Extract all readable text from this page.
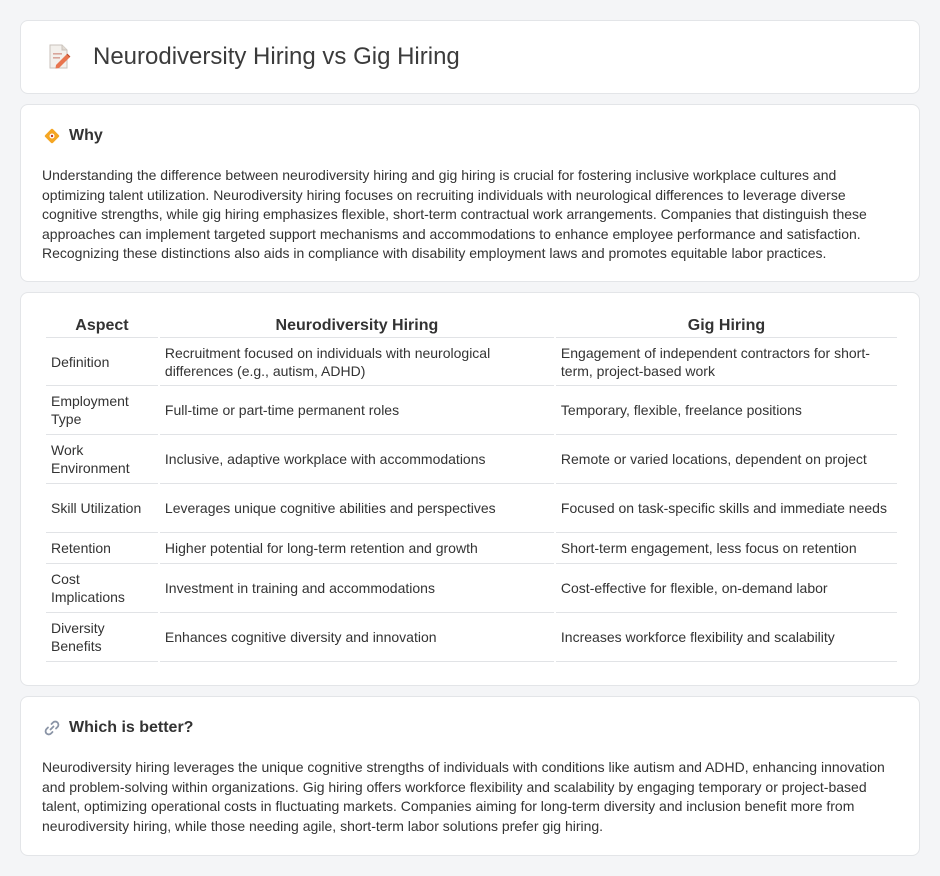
Neurodiversity Hiring vs Gig Hiring
Why

Understanding the difference between neurodiversity hiring and gig hiring is crucial for fostering inclusive workplace cultures and optimizing talent utilization. Neurodiversity hiring focuses on recruiting individuals with neurological differences to leverage diverse cognitive strengths, while gig hiring emphasizes flexible, short-term contractual work arrangements. Companies that distinguish these approaches can implement targeted support mechanisms and accommodations to enhance employee performance and satisfaction. Recognizing these distinctions also aids in compliance with disability employment laws and promotes equitable labor practices.

Aspect	Neurodiversity Hiring	Gig Hiring
Definition	Recruitment focused on individuals with neurological differences (e.g., autism, ADHD)	Engagement of independent contractors for short-term, project-based work
Employment Type	Full-time or part-time permanent roles	Temporary, flexible, freelance positions
Work Environment	Inclusive, adaptive workplace with accommodations	Remote or varied locations, dependent on project
Skill Utilization	Leverages unique cognitive abilities and perspectives	Focused on task-specific skills and immediate needs
Retention	Higher potential for long-term retention and growth	Short-term engagement, less focus on retention
Cost Implications	Investment in training and accommodations	Cost-effective for flexible, on-demand labor
Diversity Benefits	Enhances cognitive diversity and innovation	Increases workforce flexibility and scalability
Which is better?

Neurodiversity hiring leverages the unique cognitive strengths of individuals with conditions like autism and ADHD, enhancing innovation and problem-solving within organizations. Gig hiring offers workforce flexibility and scalability by engaging temporary or project-based talent, optimizing operational costs in fluctuating markets. Companies aiming for long-term diversity and inclusion benefit more from neurodiversity hiring, while those needing agile, short-term labor solutions prefer gig hiring.
